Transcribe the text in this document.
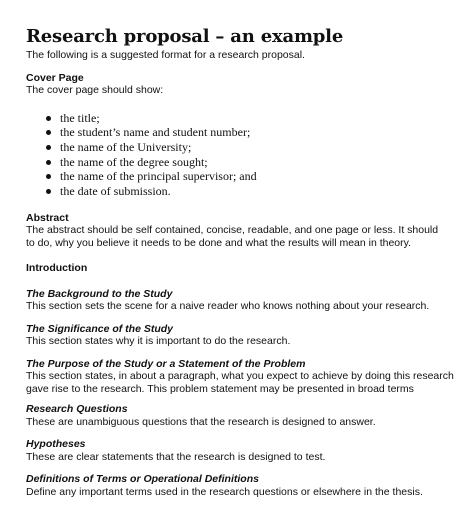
Research proposal – an example

The following is a suggested format for a research proposal.

Cover Page

The cover page should show:

the title;
the student’s name and student number;
the name of the University;
the name of the degree sought;
the name of the principal supervisor; and
the date of submission.

Abstract

The abstract should be self contained, concise, readable, and one page or less. It should

to do, why you believe it needs to be done and what the results will mean in theory.

Introduction

The Background to the Study

This section sets the scene for a naive reader who knows nothing about your research.

The Significance of the Study

This section states why it is important to do the research.

The Purpose of the Study or a Statement of the Problem

This section states, in about a paragraph, what you expect to achieve by doing this research

gave rise to the research. This problem statement may be presented in broad terms

Research Questions

These are unambiguous questions that the research is designed to answer.

Hypotheses

These are clear statements that the research is designed to test.

Definitions of Terms or Operational Definitions

Define any important terms used in the research questions or elsewhere in the thesis.
